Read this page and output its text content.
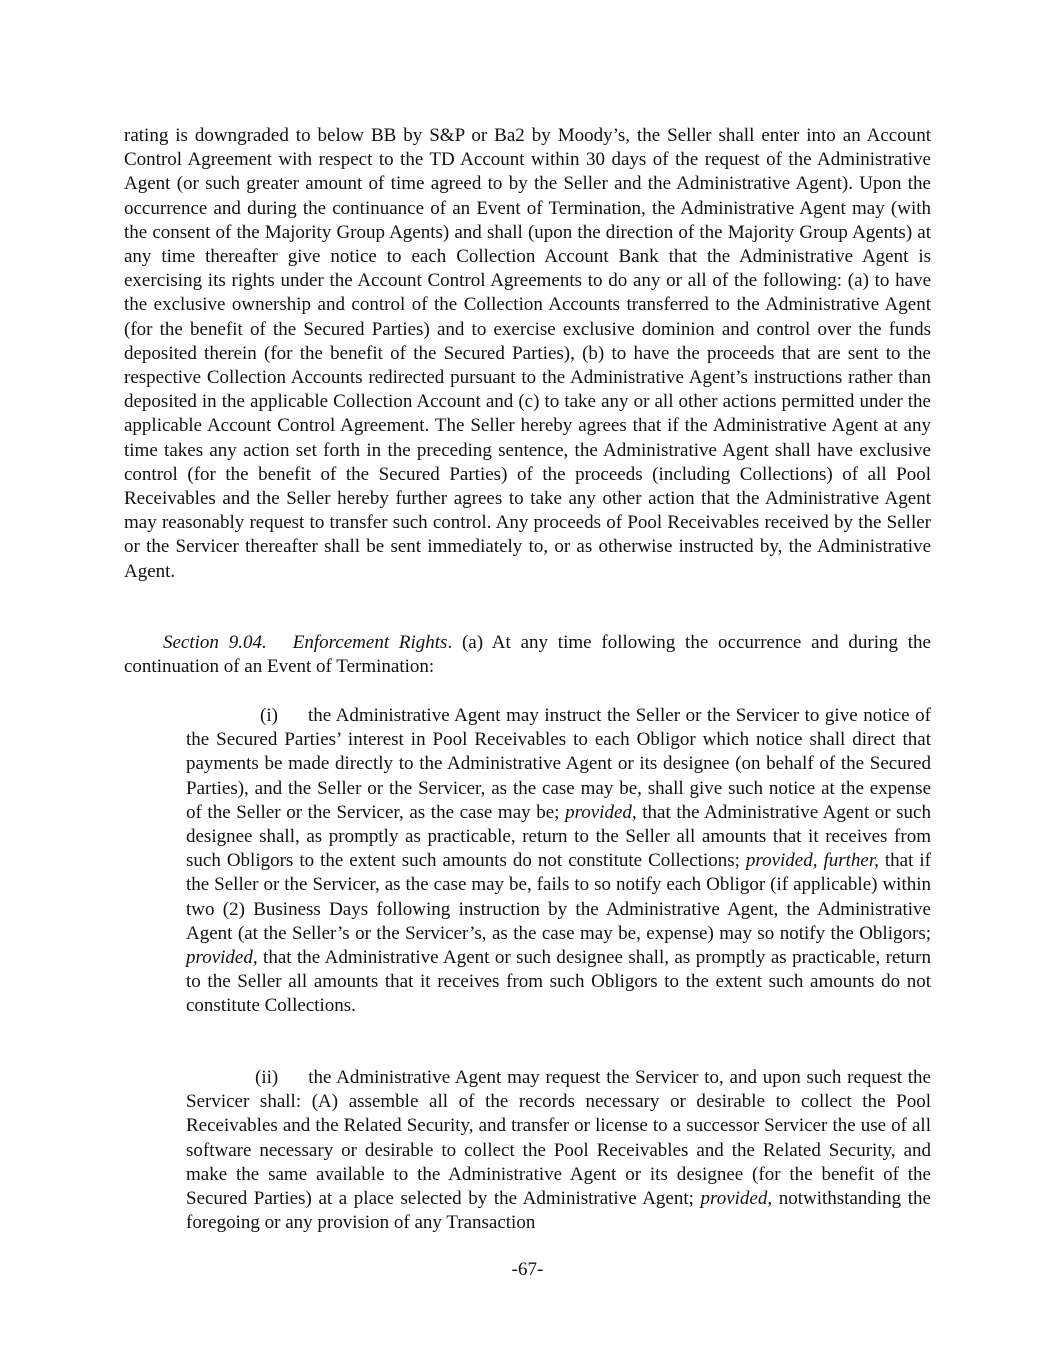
rating is downgraded to below BB by S&P or Ba2 by Moody’s, the Seller shall enter into an Account Control Agreement with respect to the TD Account within 30 days of the request of the Administrative Agent (or such greater amount of time agreed to by the Seller and the Administrative Agent). Upon the occurrence and during the continuance of an Event of Termination, the Administrative Agent may (with the consent of the Majority Group Agents) and shall (upon the direction of the Majority Group Agents) at any time thereafter give notice to each Collection Account Bank that the Administrative Agent is exercising its rights under the Account Control Agreements to do any or all of the following: (a) to have the exclusive ownership and control of the Collection Accounts transferred to the Administrative Agent (for the benefit of the Secured Parties) and to exercise exclusive dominion and control over the funds deposited therein (for the benefit of the Secured Parties), (b) to have the proceeds that are sent to the respective Collection Accounts redirected pursuant to the Administrative Agent’s instructions rather than deposited in the applicable Collection Account and (c) to take any or all other actions permitted under the applicable Account Control Agreement. The Seller hereby agrees that if the Administrative Agent at any time takes any action set forth in the preceding sentence, the Administrative Agent shall have exclusive control (for the benefit of the Secured Parties) of the proceeds (including Collections) of all Pool Receivables and the Seller hereby further agrees to take any other action that the Administrative Agent may reasonably request to transfer such control. Any proceeds of Pool Receivables received by the Seller or the Servicer thereafter shall be sent immediately to, or as otherwise instructed by, the Administrative Agent.

Section 9.04. Enforcement Rights. (a) At any time following the occurrence and during the continuation of an Event of Termination:

(i) the Administrative Agent may instruct the Seller or the Servicer to give notice of the Secured Parties’ interest in Pool Receivables to each Obligor which notice shall direct that payments be made directly to the Administrative Agent or its designee (on behalf of the Secured Parties), and the Seller or the Servicer, as the case may be, shall give such notice at the expense of the Seller or the Servicer, as the case may be; provided, that the Administrative Agent or such designee shall, as promptly as practicable, return to the Seller all amounts that it receives from such Obligors to the extent such amounts do not constitute Collections; provided, further, that if the Seller or the Servicer, as the case may be, fails to so notify each Obligor (if applicable) within two (2) Business Days following instruction by the Administrative Agent, the Administrative Agent (at the Seller’s or the Servicer’s, as the case may be, expense) may so notify the Obligors; provided, that the Administrative Agent or such designee shall, as promptly as practicable, return to the Seller all amounts that it receives from such Obligors to the extent such amounts do not constitute Collections.

(ii) the Administrative Agent may request the Servicer to, and upon such request the Servicer shall: (A) assemble all of the records necessary or desirable to collect the Pool Receivables and the Related Security, and transfer or license to a successor Servicer the use of all software necessary or desirable to collect the Pool Receivables and the Related Security, and make the same available to the Administrative Agent or its designee (for the benefit of the Secured Parties) at a place selected by the Administrative Agent; provided, notwithstanding the foregoing or any provision of any Transaction

-67-
